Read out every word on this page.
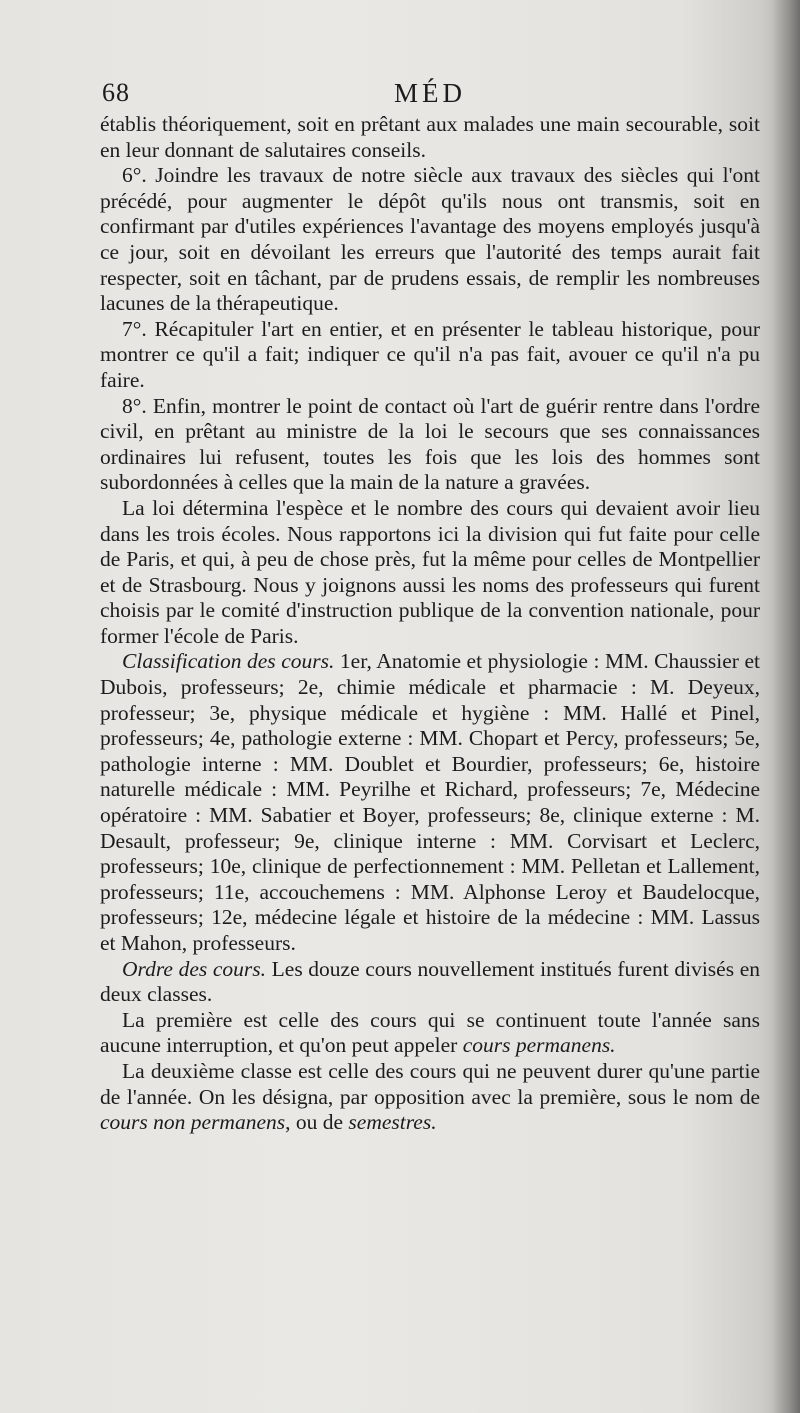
68	MÉD

établis théoriquement, soit en prêtant aux malades une main secourable, soit en leur donnant de salutaires conseils.

6°. Joindre les travaux de notre siècle aux travaux des siècles qui l'ont précédé, pour augmenter le dépôt qu'ils nous ont transmis, soit en confirmant par d'utiles expériences l'avantage des moyens employés jusqu'à ce jour, soit en dévoilant les erreurs que l'autorité des temps aurait fait respecter, soit en tâchant, par de prudens essais, de remplir les nombreuses lacunes de la thérapeutique.

7°. Récapituler l'art en entier, et en présenter le tableau historique, pour montrer ce qu'il a fait; indiquer ce qu'il n'a pas fait, avouer ce qu'il n'a pu faire.

8°. Enfin, montrer le point de contact où l'art de guérir rentre dans l'ordre civil, en prêtant au ministre de la loi le secours que ses connaissances ordinaires lui refusent, toutes les fois que les lois des hommes sont subordonnées à celles que la main de la nature a gravées.

La loi détermina l'espèce et le nombre des cours qui devaient avoir lieu dans les trois écoles. Nous rapportons ici la division qui fut faite pour celle de Paris, et qui, à peu de chose près, fut la même pour celles de Montpellier et de Strasbourg. Nous y joignons aussi les noms des professeurs qui furent choisis par le comité d'instruction publique de la convention nationale, pour former l'école de Paris.

Classification des cours. 1er, Anatomie et physiologie : MM. Chaussier et Dubois, professeurs; 2e, chimie médicale et pharmacie : M. Deyeux, professeur; 3e, physique médicale et hygiène : MM. Hallé et Pinel, professeurs; 4e, pathologie externe : MM. Chopart et Percy, professeurs; 5e, pathologie interne : MM. Doublet et Bourdier, professeurs; 6e, histoire naturelle médicale : MM. Peyrilhe et Richard, professeurs; 7e, Médecine opératoire : MM. Sabatier et Boyer, professeurs; 8e, clinique externe : M. Desault, professeur; 9e, clinique interne : MM. Corvisart et Leclerc, professeurs; 10e, clinique de perfectionnement : MM. Pelletan et Lallement, professeurs; 11e, accouchemens : MM. Alphonse Leroy et Baudelocque, professeurs; 12e, médecine légale et histoire de la médecine : MM. Lassus et Mahon, professeurs.

Ordre des cours. Les douze cours nouvellement institués furent divisés en deux classes.

La première est celle des cours qui se continuent toute l'année sans aucune interruption, et qu'on peut appeler cours permanens.

La deuxième classe est celle des cours qui ne peuvent durer qu'une partie de l'année. On les désigna, par opposition avec la première, sous le nom de cours non permanens, ou de semestres.
